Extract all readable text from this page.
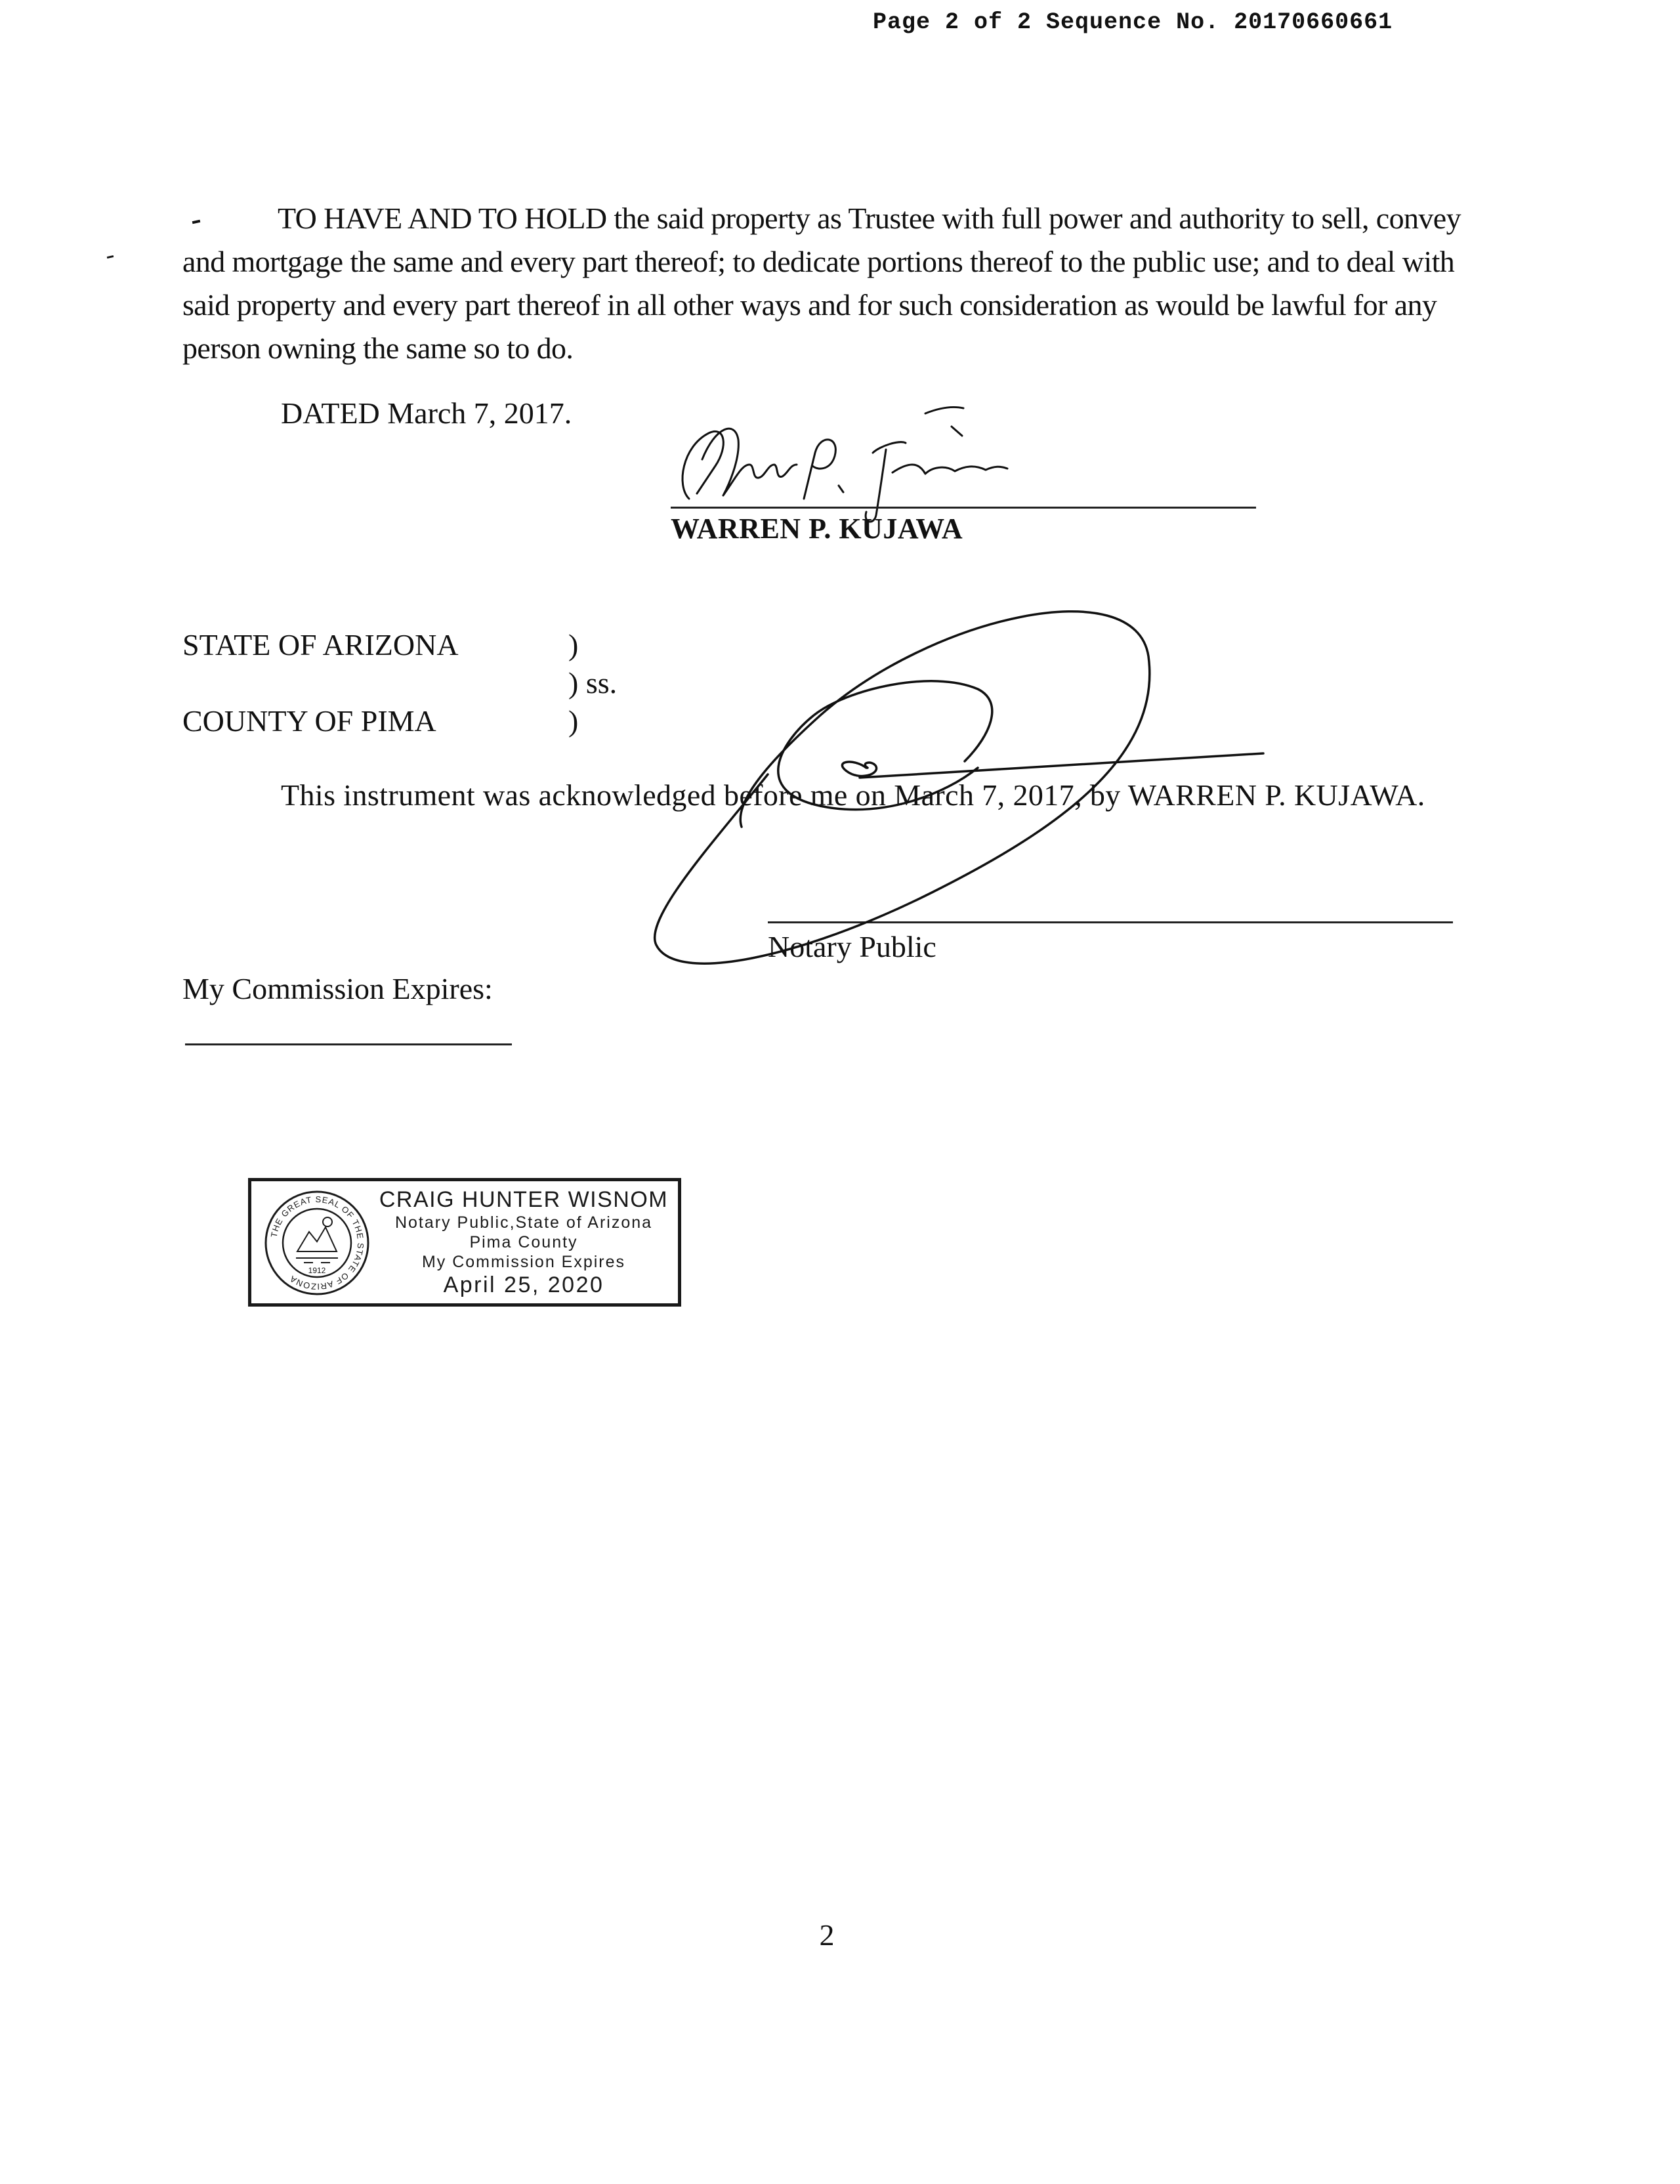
Page 2 of 2 Sequence No. 20170660661
TO HAVE AND TO HOLD the said property as Trustee with full power and authority to sell, convey and mortgage the same and every part thereof; to dedicate portions thereof to the public use; and to deal with said property and every part thereof in all other ways and for such consideration as would be lawful for any person owning the same so to do.
DATED March 7, 2017.
WARREN P. KUJAWA
STATE OF ARIZONA	)
) ss.
COUNTY OF PIMA	)
This instrument was acknowledged before me on March 7, 2017, by WARREN P. KUJAWA.
Notary Public
My Commission Expires:
THE GREAT SEAL OF THE STATE OF ARIZONA
1912
CRAIG HUNTER WISNOM
Notary Public,State of Arizona
Pima County
My Commission Expires
April 25, 2020
2
